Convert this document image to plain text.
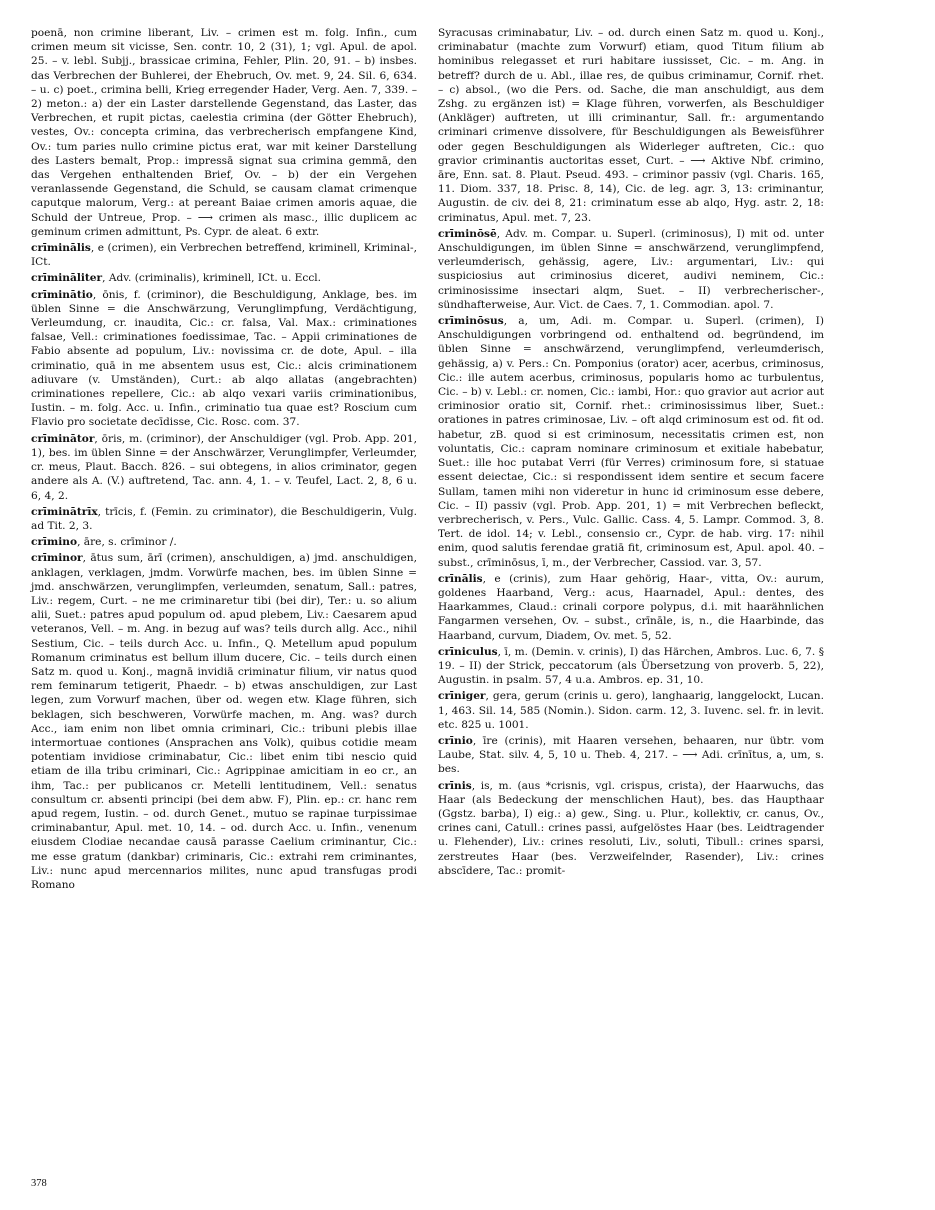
poenā, non crimine liberant, Liv. – crimen est m. folg. Infin., cum crimen meum sit vicisse, Sen. contr. 10, 2 (31), 1; vgl. Apul. de apol. 25. – v. lebl. Subjj., brassicae crimina, Fehler, Plin. 20, 91. – b) insbes. das Verbrechen der Buhlerei, der Ehebruch, Ov. met. 9, 24. Sil. 6, 634. – u. c) poet., crimina belli, Krieg erregender Hader, Verg. Aen. 7, 339. – 2) meton.: a) der ein Laster darstellende Gegenstand, das Laster, das Verbrechen, et rupit pictas, caelestia crimina (der Götter Ehebruch), vestes, Ov.: concepta crimina, das verbrecherisch empfangene Kind, Ov.: tum paries nullo crimine pictus erat, war mit keiner Darstellung des Lasters bemalt, Prop.: impressā signat sua crimina gemmā, den das Vergehen enthaltenden Brief, Ov. – b) der ein Vergehen veranlassende Gegenstand, die Schuld, se causam clamat crimenque caputque malorum, Verg.: at pereant Baiae crimen amoris aquae, die Schuld der Untreue, Prop. – ⟶ crimen als masc., illic duplicem ac geminum crimen admittunt, Ps. Cypr. de aleat. 6 extr.
crīminālis, e (crimen), ein Verbrechen betreffend, kriminell, Kriminal-, ICt.
crīminālitеr, Adv. (criminalis), kriminell, ICt. u. Eccl.
crīminātio, ōnis, f. (criminor), die Beschuldigung, Anklage, bes. im üblen Sinne = die Anschwärzung, Verunglimpfung, Verdächtigung, Verleumdung, cr. inaudita, Cic.: cr. falsa, Val. Max.: criminationes falsae, Vell.: criminationes foedissimae, Tac. – Appii criminationes de Fabio absente ad populum, Liv.: novissima cr. de dote, Apul. – illa criminatio, quā in me absentem usus est, Cic.: alcis criminationem adiuvare (v. Umständen), Curt.: ab alqo allatas (angebrachten) criminationes repellere, Cic.: ab alqo vexari variis criminationibus, Iustin. – m. folg. Acc. u. Infin., criminatio tua quae est? Roscium cum Flavio pro societate decīdisse, Cic. Rosc. com. 37.
crīminātor, ōris, m. (criminor), der Anschuldiger (vgl. Prob. App. 201, 1), bes. im üblen Sinne = der Anschwärzer, Verunglimpfer, Verleumder, cr. meus, Plaut. Bacch. 826. – sui obtegens, in alios criminator, gegen andere als A. (V.) auftretend, Tac. ann. 4, 1. – v. Teufel, Lact. 2, 8, 6 u. 6, 4, 2.
crīminātrīx, trīcis, f. (Femin. zu criminator), die Beschuldigerin, Vulg. ad Tit. 2, 3.
crīmino, āre, s. crīminor /.
crīminor, ātus sum, ārī (crimen), anschuldigen, a) jmd. anschuldigen, anklagen, verklagen, jmdm. Vorwürfe machen, bes. im üblen Sinne = jmd. anschwärzen, verunglimpfen, verleumden, senatum, Sall.: patres, Liv.: regem, Curt. – ne me criminaretur tibi (bei dir), Ter.: u. so alium alii, Suet.: patres apud populum od. apud plebem, Liv.: Caesarem apud veteranos, Vell. – m. Ang. in bezug auf was? teils durch allg. Acc., nihil Sestium, Cic. – teils durch Acc. u. Infin., Q. Metellum apud populum Romanum criminatus est bellum illum ducere, Cic. – teils durch einen Satz m. quod u. Konj., magnā invidiā criminatur filium, vir natus quod rem feminarum tetigerit, Phaedr. – b) etwas anschuldigen, zur Last legen, zum Vorwurf machen, über od. wegen etw. Klage führen, sich beklagen, sich beschweren, Vorwürfe machen, m. Ang. was? durch Acc., iam enim non libet omnia criminari, Cic.: tribuni plebis illae intermortuae contiones (Ansprachen ans Volk), quibus cotidie meam potentiam invidiose criminabatur, Cic.: libet enim tibi nescio quid etiam de illa tribu criminari, Cic.: Agrippinae amicitiam in eo cr., an ihm, Tac.: per publicanos cr. Metelli lentitudinem, Vell.: senatus consultum cr. absenti principi (bei dem abw. F), Plin. ep.: cr. hanc rem apud regem, Iustin. – od. durch Genet., mutuo se rapinae turpissimae criminabantur, Apul. met. 10, 14. – od. durch Acc. u. Infin., venenum eiusdem Clodiae necandae causā parasse Caelium criminantur, Cic.: me esse gratum (dankbar) criminaris, Cic.: extrahi rem criminantes, Liv.: nunc apud mercennarios milites, nunc apud transfugas prodi Romano
Syracusas criminabatur, Liv. – od. durch einen Satz m. quod u. Konj., criminabatur (machte zum Vorwurf) etiam, quod Titum filium ab hominibus relegasset et ruri habitare iussisset, Cic. – m. Ang. in betreff? durch de u. Abl., illae res, de quibus criminamur, Cornif. rhet. – c) absol., (wo die Pers. od. Sache, die man anschuldigt, aus dem Zshg. zu ergänzen ist) = Klage führen, vorwerfen, als Beschuldiger (Ankläger) auftreten, ut illi criminantur, Sall. fr.: argumentando criminari crimenve dissolvere, für Beschuldigungen als Beweisführer oder gegen Beschuldigungen als Widerleger auftreten, Cic.: quo gravior criminantis auctoritas esset, Curt. – ⟶ Aktive Nbf. crimino, āre, Enn. sat. 8. Plaut. Pseud. 493. – criminor passiv (vgl. Charis. 165, 11. Diom. 337, 18. Prisc. 8, 14), Cic. de leg. agr. 3, 13: criminantur, Augustin. de civ. dei 8, 21: criminatum esse ab alqo, Hyg. astr. 2, 18: criminatus, Apul. met. 7, 23.
crīminōsē, Adv. m. Compar. u. Superl. (criminosus), I) mit od. unter Anschuldigungen, im üblen Sinne = anschwärzend, verunglimpfend, verleumderisch, gehässig, agere, Liv.: argumentari, Liv.: qui suspiciosius aut criminosius diceret, audivi neminem, Cic.: criminosissime insectari alqm, Suet. – II) verbrecherischer-, sündhafterweise, Aur. Vict. de Caes. 7, 1. Commodian. apol. 7.
crīminōsus, a, um, Adi. m. Compar. u. Superl. (crimen), I) Anschuldigungen vorbringend od. enthaltend od. begründend, im üblen Sinne = anschwärzend, verunglimpfend, verleumderisch, gehässig, a) v. Pers.: Cn. Pomponius (orator) acer, acerbus, criminosus, Cic.: ille autem acerbus, criminosus, popularis homo ac turbulentus, Cic. – b) v. Lebl.: cr. nomen, Cic.: iambi, Hor.: quo gravior aut acrior aut criminosior oratio sit, Cornif. rhet.: criminosissimus liber, Suet.: orationes in patres criminosae, Liv. – oft alqd criminosum est od. fit od. habetur, zB. quod si est criminosum, necessitatis crimen est, non voluntatis, Cic.: capram nominare criminosum et exitiale habebatur, Suet.: ille hoc putabat Verri (für Verres) criminosum fore, si statuae essent deiectae, Cic.: si respondissent idem sentire et secum facere Sullam, tamen mihi non videretur in hunc id criminosum esse debere, Cic. – II) passiv (vgl. Prob. App. 201, 1) = mit Verbrechen befleckt, verbrecherisch, v. Pers., Vulc. Gallic. Cass. 4, 5. Lampr. Commod. 3, 8. Tert. de idol. 14; v. Lebl., consensio cr., Cypr. de hab. virg. 17: nihil enim, quod salutis ferendae gratiā fit, criminosum est, Apul. apol. 40. – subst., crīminōsus, ī, m., der Verbrecher, Cassiod. var. 3, 57.
crīnālis, e (crinis), zum Haar gehörig, Haar-, vitta, Ov.: aurum, goldenes Haarband, Verg.: acus, Haarnadel, Apul.: dentes, des Haarkammes, Claud.: crinali corpore polypus, d.i. mit haarähnlichen Fangarmen versehen, Ov. – subst., crīnāle, is, n., die Haarbinde, das Haarband, curvum, Diadem, Ov. met. 5, 52.
crīniculus, ī, m. (Demin. v. crinis), I) das Härchen, Ambros. Luc. 6, 7. § 19. – II) der Strick, peccatorum (als Übersetzung von proverb. 5, 22), Augustin. in psalm. 57, 4 u.a. Ambros. ep. 31, 10.
crīniger, gera, gerum (crinis u. gero), langhaarig, langgelockt, Lucan. 1, 463. Sil. 14, 585 (Nomin.). Sidon. carm. 12, 3. Iuvenc. sel. fr. in levit. etc. 825 u. 1001.
crīnio, īre (crinis), mit Haaren versehen, behaaren, nur übtr. vom Laube, Stat. silv. 4, 5, 10 u. Theb. 4, 217. – ⟶ Adi. crīnītus, a, um, s. bes.
crīnis, is, m. (aus *crisnis, vgl. crispus, crista), der Haarwuchs, das Haar (als Bedeckung der menschlichen Haut), bes. das Haupthaar (Ggstz. barba), I) eig.: a) gew., Sing. u. Plur., kollektiv, cr. canus, Ov., crines cani, Catull.: crines passi, aufgelöstes Haar (bes. Leidtragender u. Flehender), Liv.: crines resoluti, Liv., soluti, Tibull.: crines sparsi, zerstreutes Haar (bes. Verzweifelnder, Rasender), Liv.: crines abscīdere, Tac.: promit-
378
